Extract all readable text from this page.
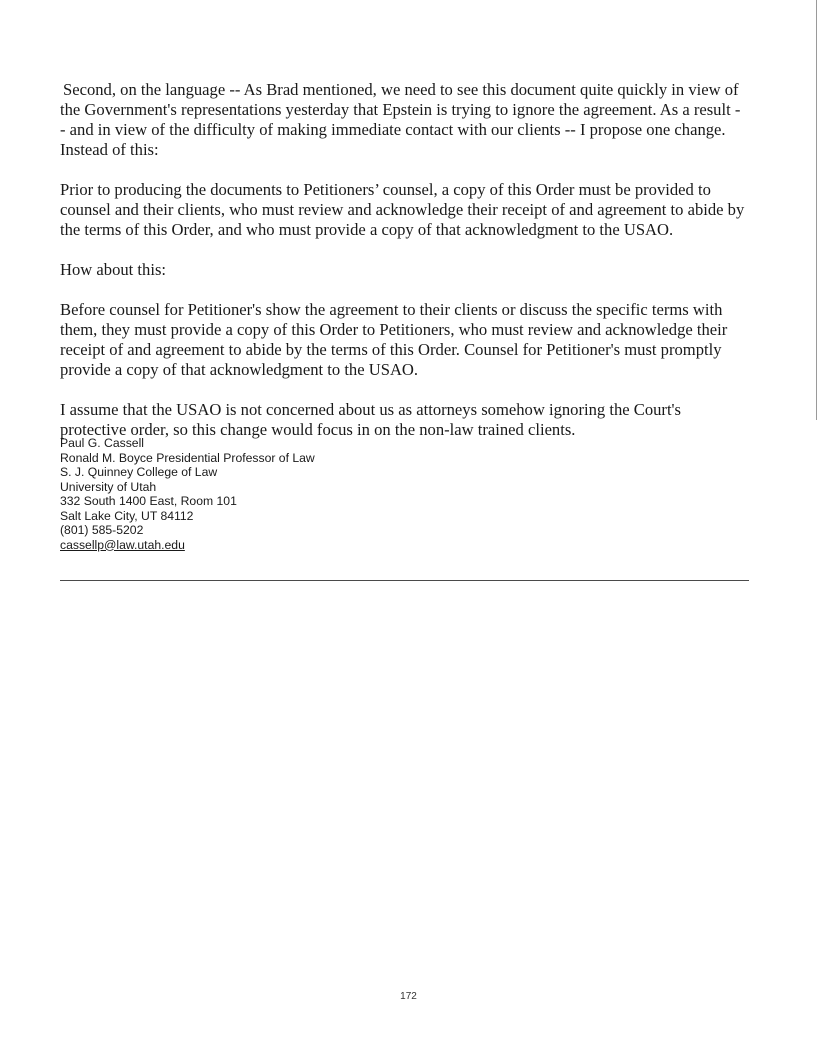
Second, on the language -- As Brad mentioned, we need to see this document quite quickly in view of
the Government's representations yesterday that Epstein is trying to ignore the agreement. As a result -
- and in view of the difficulty of making immediate contact with our clients -- I propose one change.
Instead of this:

Prior to producing the documents to Petitioners’ counsel, a copy of this Order must be provided to
counsel and their clients, who must review and acknowledge their receipt of and agreement to abide by
the terms of this Order, and who must provide a copy of that acknowledgment to the USAO.

How about this:

Before counsel for Petitioner's show the agreement to their clients or discuss the specific terms with
them, they must provide a copy of this Order to Petitioners, who must review and acknowledge their
receipt of and agreement to abide by the terms of this Order. Counsel for Petitioner's must promptly
provide a copy of that acknowledgment to the USAO.

I assume that the USAO is not concerned about us as attorneys somehow ignoring the Court's
protective order, so this change would focus in on the non-law trained clients.

Paul G. Cassell
Ronald M. Boyce Presidential Professor of Law
S. J. Quinney College of Law
University of Utah
332 South 1400 East, Room 101
Salt Lake City, UT 84112
(801) 585-5202
cassellp@law.utah.edu
172
